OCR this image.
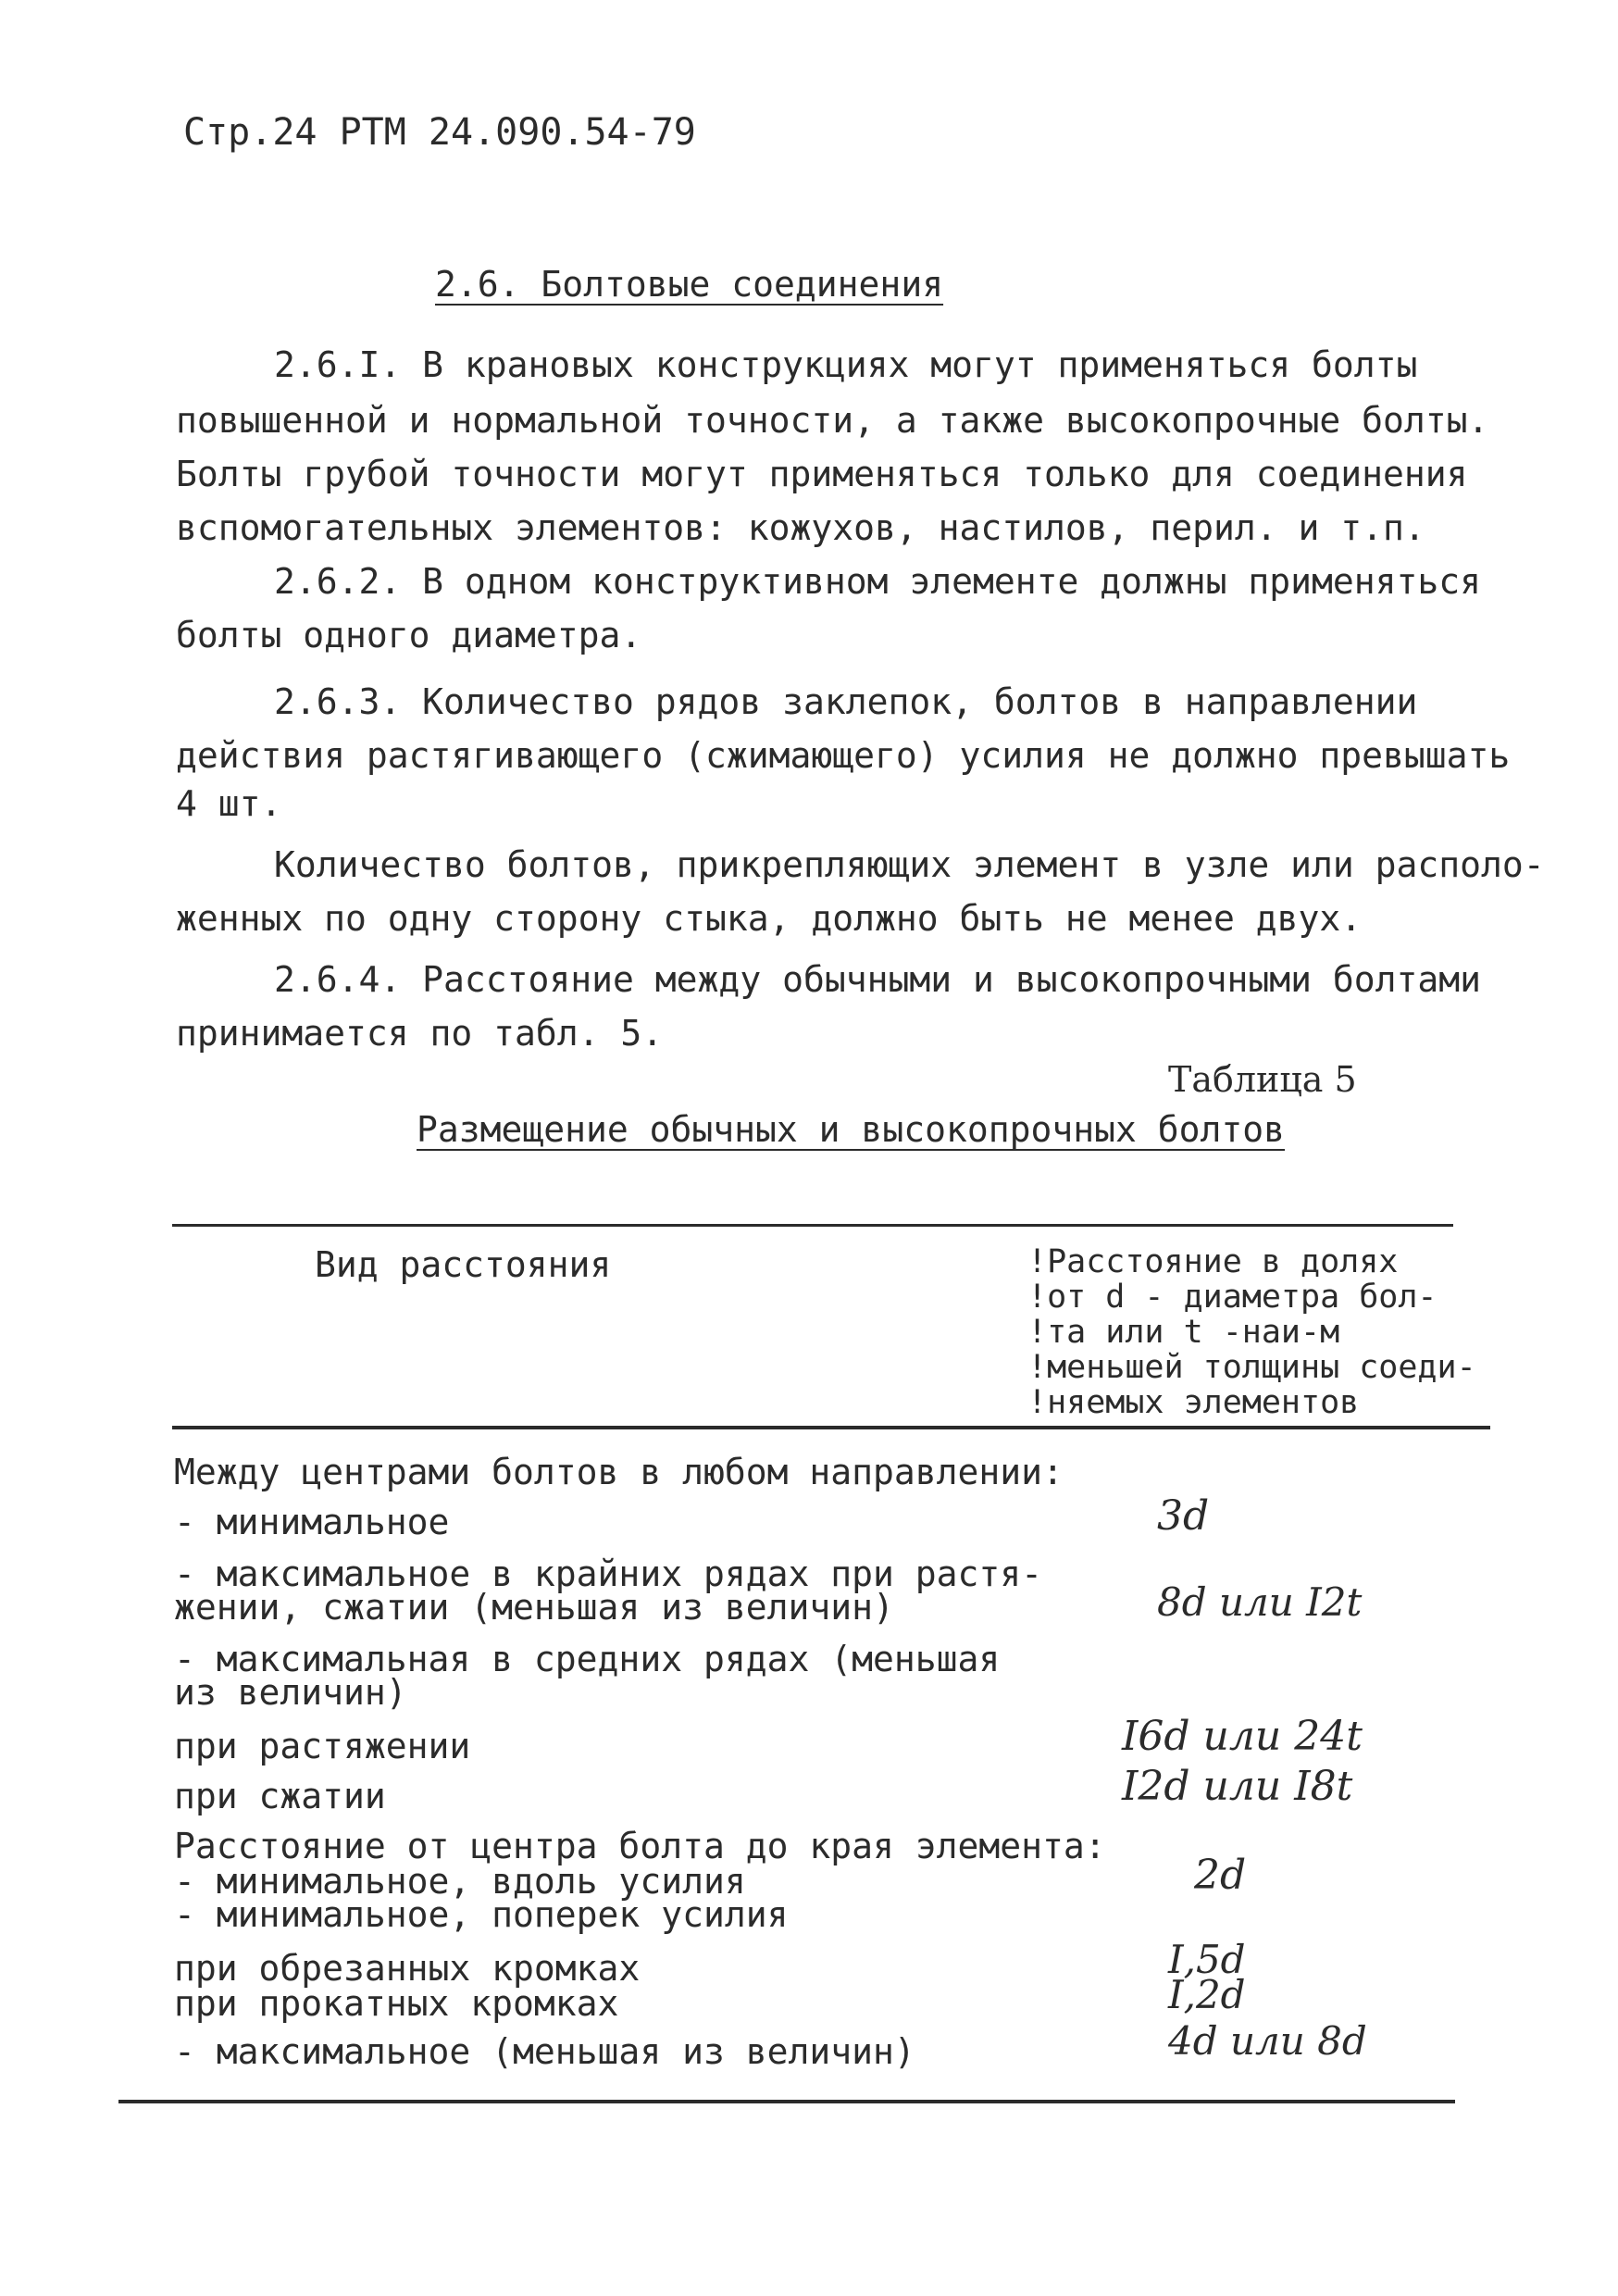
Стр.24 РТМ 24.090.54-79
2.6. Болтовые соединения
2.6.I. В крановых конструкциях могут применяться болты
повышенной и нормальной точности, а также высокопрочные болты.
Болты грубой точности могут применяться только для соединения
вспомогательных элементов: кожухов, настилов, перил. и т.п.
2.6.2. В одном конструктивном элементе должны применяться
болты одного диаметра.
2.6.3. Количество рядов заклепок, болтов в направлении
действия растягивающего (сжимающего) усилия не должно превышать
4 шт.
Количество болтов, прикрепляющих элемент в узле или располо-
женных по одну сторону стыка, должно быть не менее двух.
2.6.4. Расстояние между обычными и высокопрочными болтами
принимается по табл. 5.
Таблица 5
Размещение обычных и высокопрочных болтов
Вид расстояния	!Расстояние в долях
!от d - диаметра бол-
!та или t -наи-м
!меньшей толщины соеди-
!няемых элементов
Между центрами болтов в любом направлении:
- минимальное	3d
- максимальное в крайних рядах при растя-
жении, сжатии (меньшая из величин)	8d или I2t
- максимальная в средних рядах (меньшая
из величин)
при растяжении	I6d или 24t
при сжатии	I2d или I8t
Расстояние от центра болта до края элемента:
- минимальное, вдоль усилия	2d
- минимальное, поперек усилия
при обрезанных кромках	I,5d
при прокатных кромках	I,2d
- максимальное (меньшая из величин)	4d или 8d
